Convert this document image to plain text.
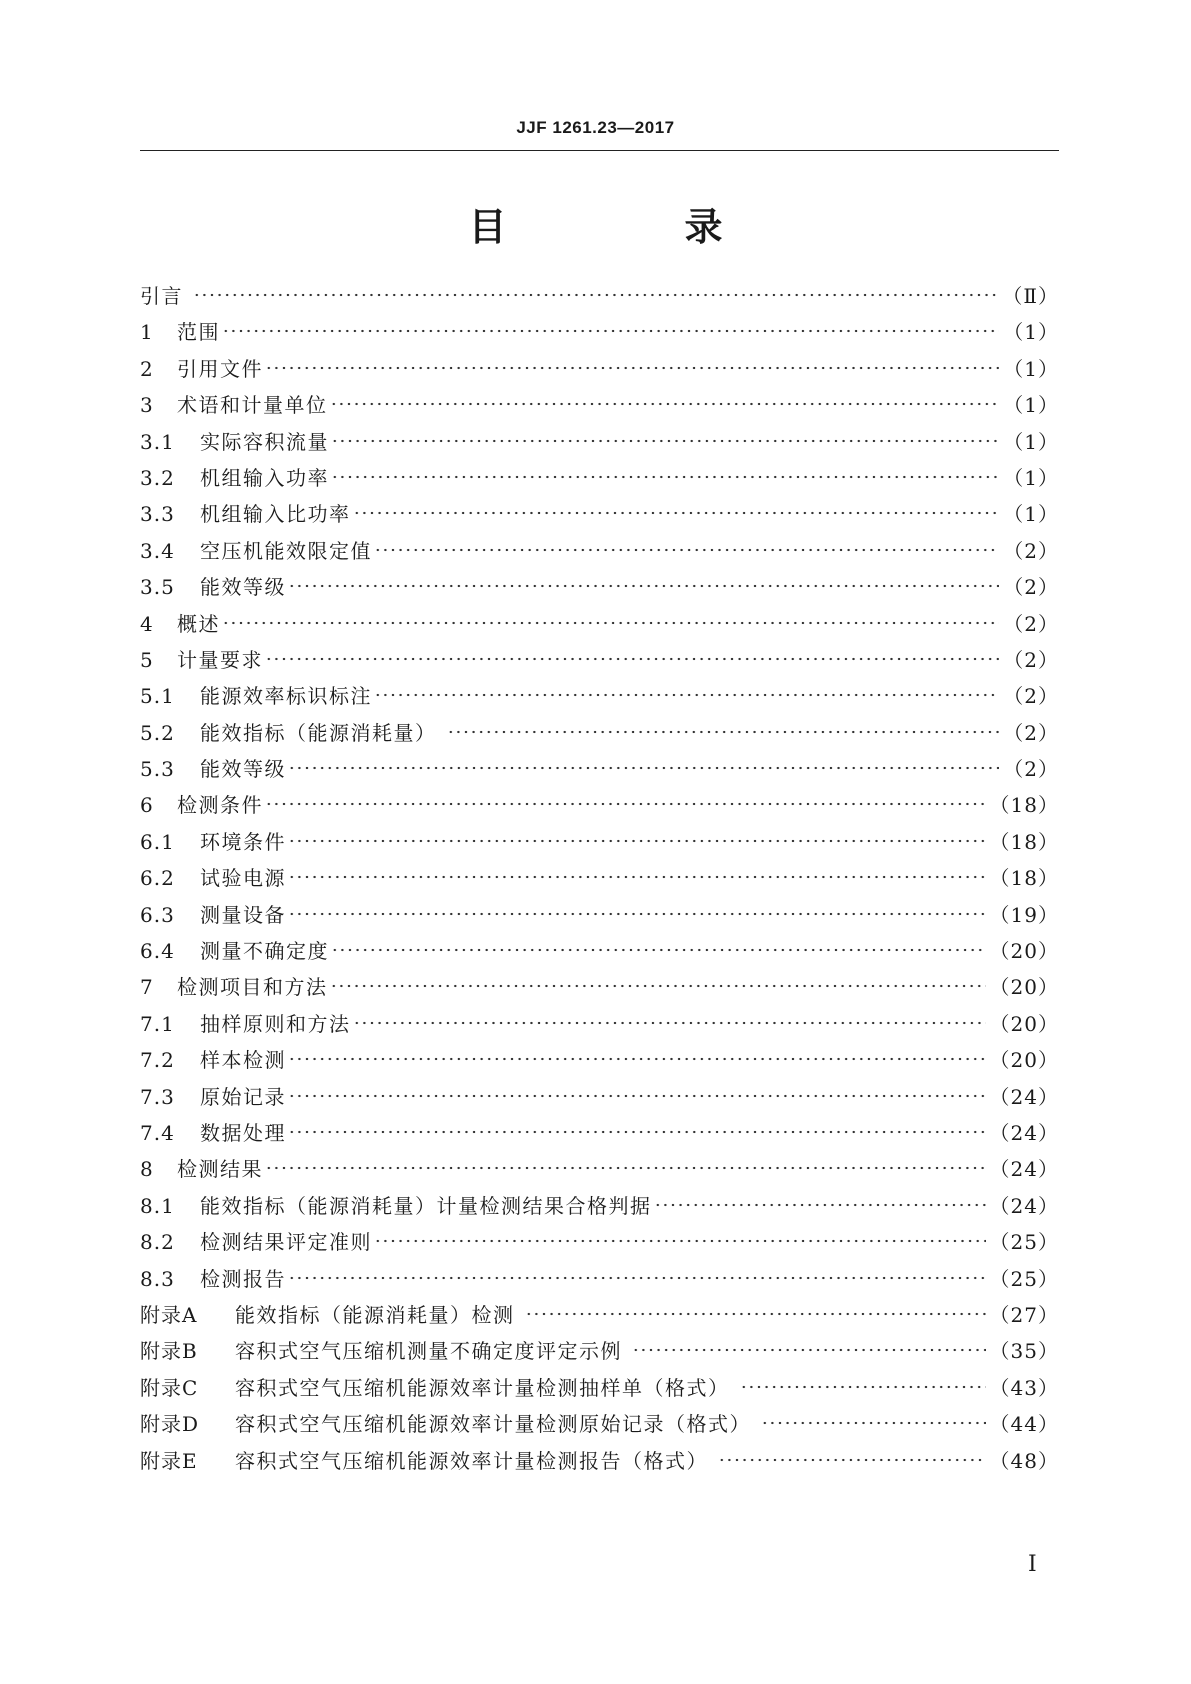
JJF 1261.23—2017
目　录
引言	（Ⅱ）
1	范围	（1）
2	引用文件	（1）
3	术语和计量单位	（1）
3.1	实际容积流量	（1）
3.2	机组输入功率	（1）
3.3	机组输入比功率	（1）
3.4	空压机能效限定值	（2）
3.5	能效等级	（2）
4	概述	（2）
5	计量要求	（2）
5.1	能源效率标识标注	（2）
5.2	能效指标（能源消耗量）	（2）
5.3	能效等级	（2）
6	检测条件	（18）
6.1	环境条件	（18）
6.2	试验电源	（18）
6.3	测量设备	（19）
6.4	测量不确定度	（20）
7	检测项目和方法	（20）
7.1	抽样原则和方法	（20）
7.2	样本检测	（20）
7.3	原始记录	（24）
7.4	数据处理	（24）
8	检测结果	（24）
8.1	能效指标（能源消耗量）计量检测结果合格判据	（24）
8.2	检测结果评定准则	（25）
8.3	检测报告	（25）
附录A	能效指标（能源消耗量）检测	（27）
附录B	容积式空气压缩机测量不确定度评定示例	（35）
附录C	容积式空气压缩机能源效率计量检测抽样单（格式）	（43）
附录D	容积式空气压缩机能源效率计量检测原始记录（格式）	（44）
附录E	容积式空气压缩机能源效率计量检测报告（格式）	（48）
Ⅰ
